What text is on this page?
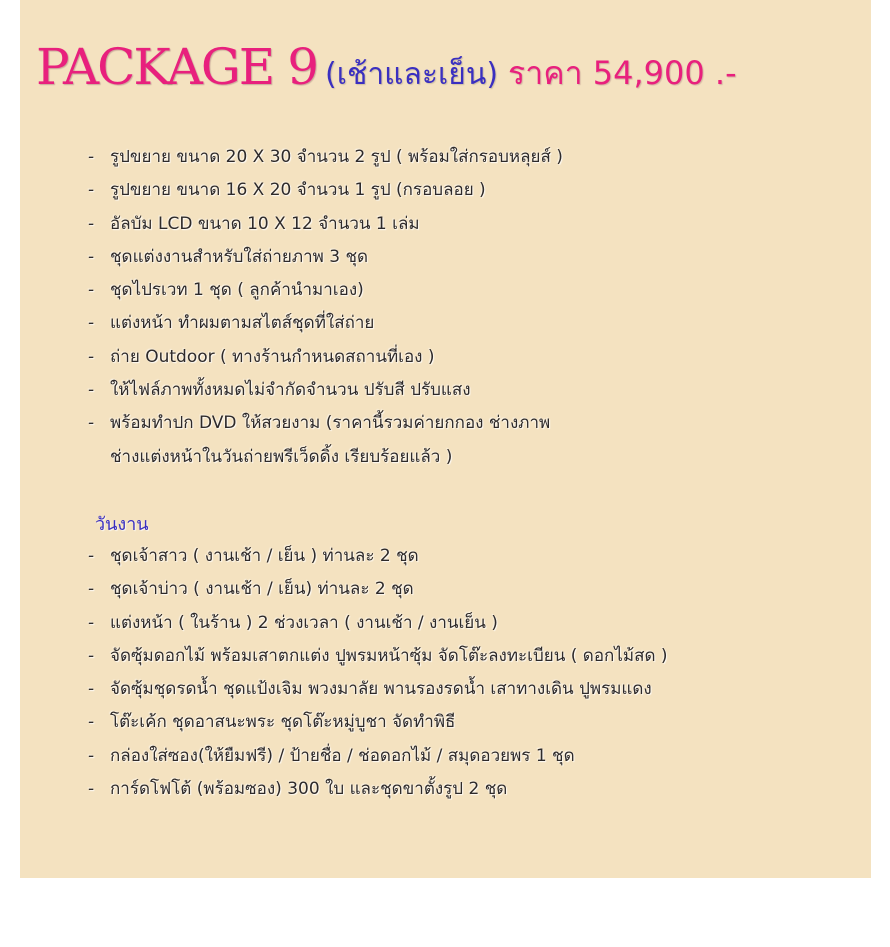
PACKAGE 9 (เช้าและเย็น) ราคา 54,900 .-
- รูปขยาย ขนาด 20 X 30 จำนวน 2 รูป ( พร้อมใส่กรอบหลุยส์ )
- รูปขยาย ขนาด 16 X 20 จำนวน 1 รูป (กรอบลอย )
- อัลบัม LCD ขนาด 10 X 12 จำนวน 1 เล่ม
- ชุดแต่งงานสำหรับใส่ถ่ายภาพ 3 ชุด
- ชุดไปรเวท 1 ชุด ( ลูกค้านำมาเอง)
- แต่งหน้า ทำผมตามสไตส์ชุดที่ใส่ถ่าย
- ถ่าย Outdoor ( ทางร้านกำหนดสถานที่เอง )
- ให้ไฟล์ภาพทั้งหมดไม่จำกัดจำนวน ปรับสี ปรับแสง
- พร้อมทำปก DVD ให้สวยงาม (ราคานี้รวมค่ายกกอง ช่างภาพ
ช่างแต่งหน้าในวันถ่ายพรีเว็ดดิ้ง เรียบร้อยแล้ว )
วันงาน
- ชุดเจ้าสาว ( งานเช้า / เย็น ) ท่านละ 2 ชุด
- ชุดเจ้าบ่าว ( งานเช้า / เย็น) ท่านละ 2 ชุด
- แต่งหน้า ( ในร้าน ) 2 ช่วงเวลา ( งานเช้า / งานเย็น )
- จัดซุ้มดอกไม้ พร้อมเสาตกแต่ง ปูพรมหน้าซุ้ม จัดโต๊ะลงทะเบียน ( ดอกไม้สด )
- จัดซุ้มชุดรดน้ำ ชุดแป้งเจิม พวงมาลัย พานรองรดน้ำ เสาทางเดิน ปูพรมแดง
- โต๊ะเค้ก ชุดอาสนะพระ ชุดโต๊ะหมู่บูชา จัดทำพิธี
- กล่องใส่ซอง(ให้ยืมฟรี) / ป้ายชื่อ / ช่อดอกไม้ / สมุดอวยพร 1 ชุด
- การ์ดโฟโต้ (พร้อมซอง) 300 ใบ และชุดขาตั้งรูป 2 ชุด
